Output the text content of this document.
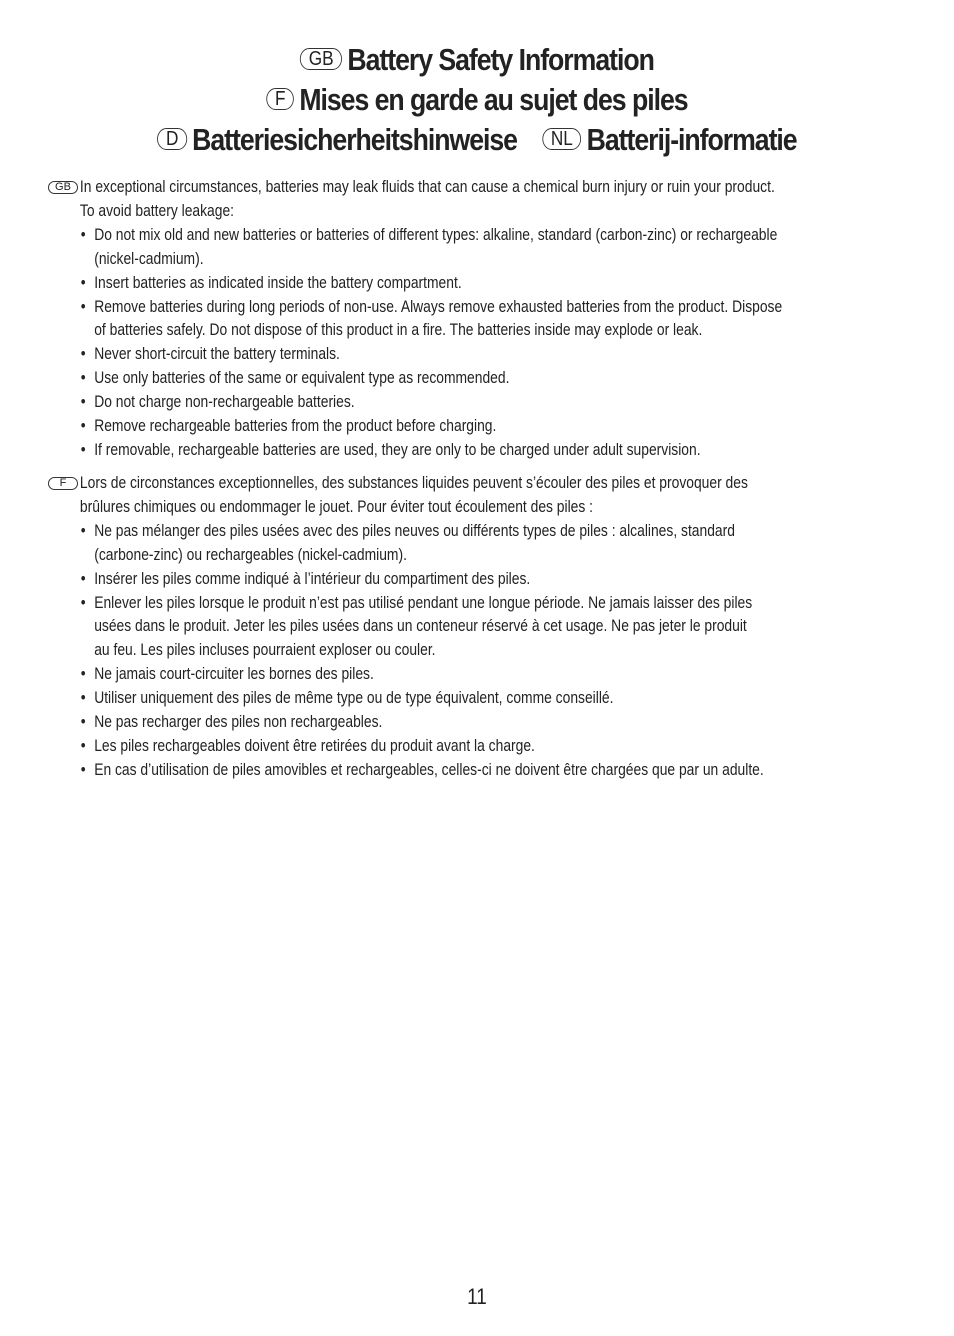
GB Battery Safety Information
F Mises en garde au sujet des piles
D Batteriesicherheitshinweise NL Batterij-informatie
GB In exceptional circumstances, batteries may leak fluids that can cause a chemical burn injury or ruin your product.
To avoid battery leakage:
• Do not mix old and new batteries or batteries of different types: alkaline, standard (carbon-zinc) or rechargeable
(nickel-cadmium).
• Insert batteries as indicated inside the battery compartment.
• Remove batteries during long periods of non-use. Always remove exhausted batteries from the product. Dispose
of batteries safely. Do not dispose of this product in a fire. The batteries inside may explode or leak.
• Never short-circuit the battery terminals.
• Use only batteries of the same or equivalent type as recommended.
• Do not charge non-rechargeable batteries.
• Remove rechargeable batteries from the product before charging.
• If removable, rechargeable batteries are used, they are only to be charged under adult supervision.
F Lors de circonstances exceptionnelles, des substances liquides peuvent s’écouler des piles et provoquer des
brûlures chimiques ou endommager le jouet. Pour éviter tout écoulement des piles :
• Ne pas mélanger des piles usées avec des piles neuves ou différents types de piles : alcalines, standard
(carbone-zinc) ou rechargeables (nickel-cadmium).
• Insérer les piles comme indiqué à l’intérieur du compartiment des piles.
• Enlever les piles lorsque le produit n’est pas utilisé pendant une longue période. Ne jamais laisser des piles
usées dans le produit. Jeter les piles usées dans un conteneur réservé à cet usage. Ne pas jeter le produit
au feu. Les piles incluses pourraient exploser ou couler.
• Ne jamais court-circuiter les bornes des piles.
• Utiliser uniquement des piles de même type ou de type équivalent, comme conseillé.
• Ne pas recharger des piles non rechargeables.
• Les piles rechargeables doivent être retirées du produit avant la charge.
• En cas d’utilisation de piles amovibles et rechargeables, celles-ci ne doivent être chargées que par un adulte.
11
